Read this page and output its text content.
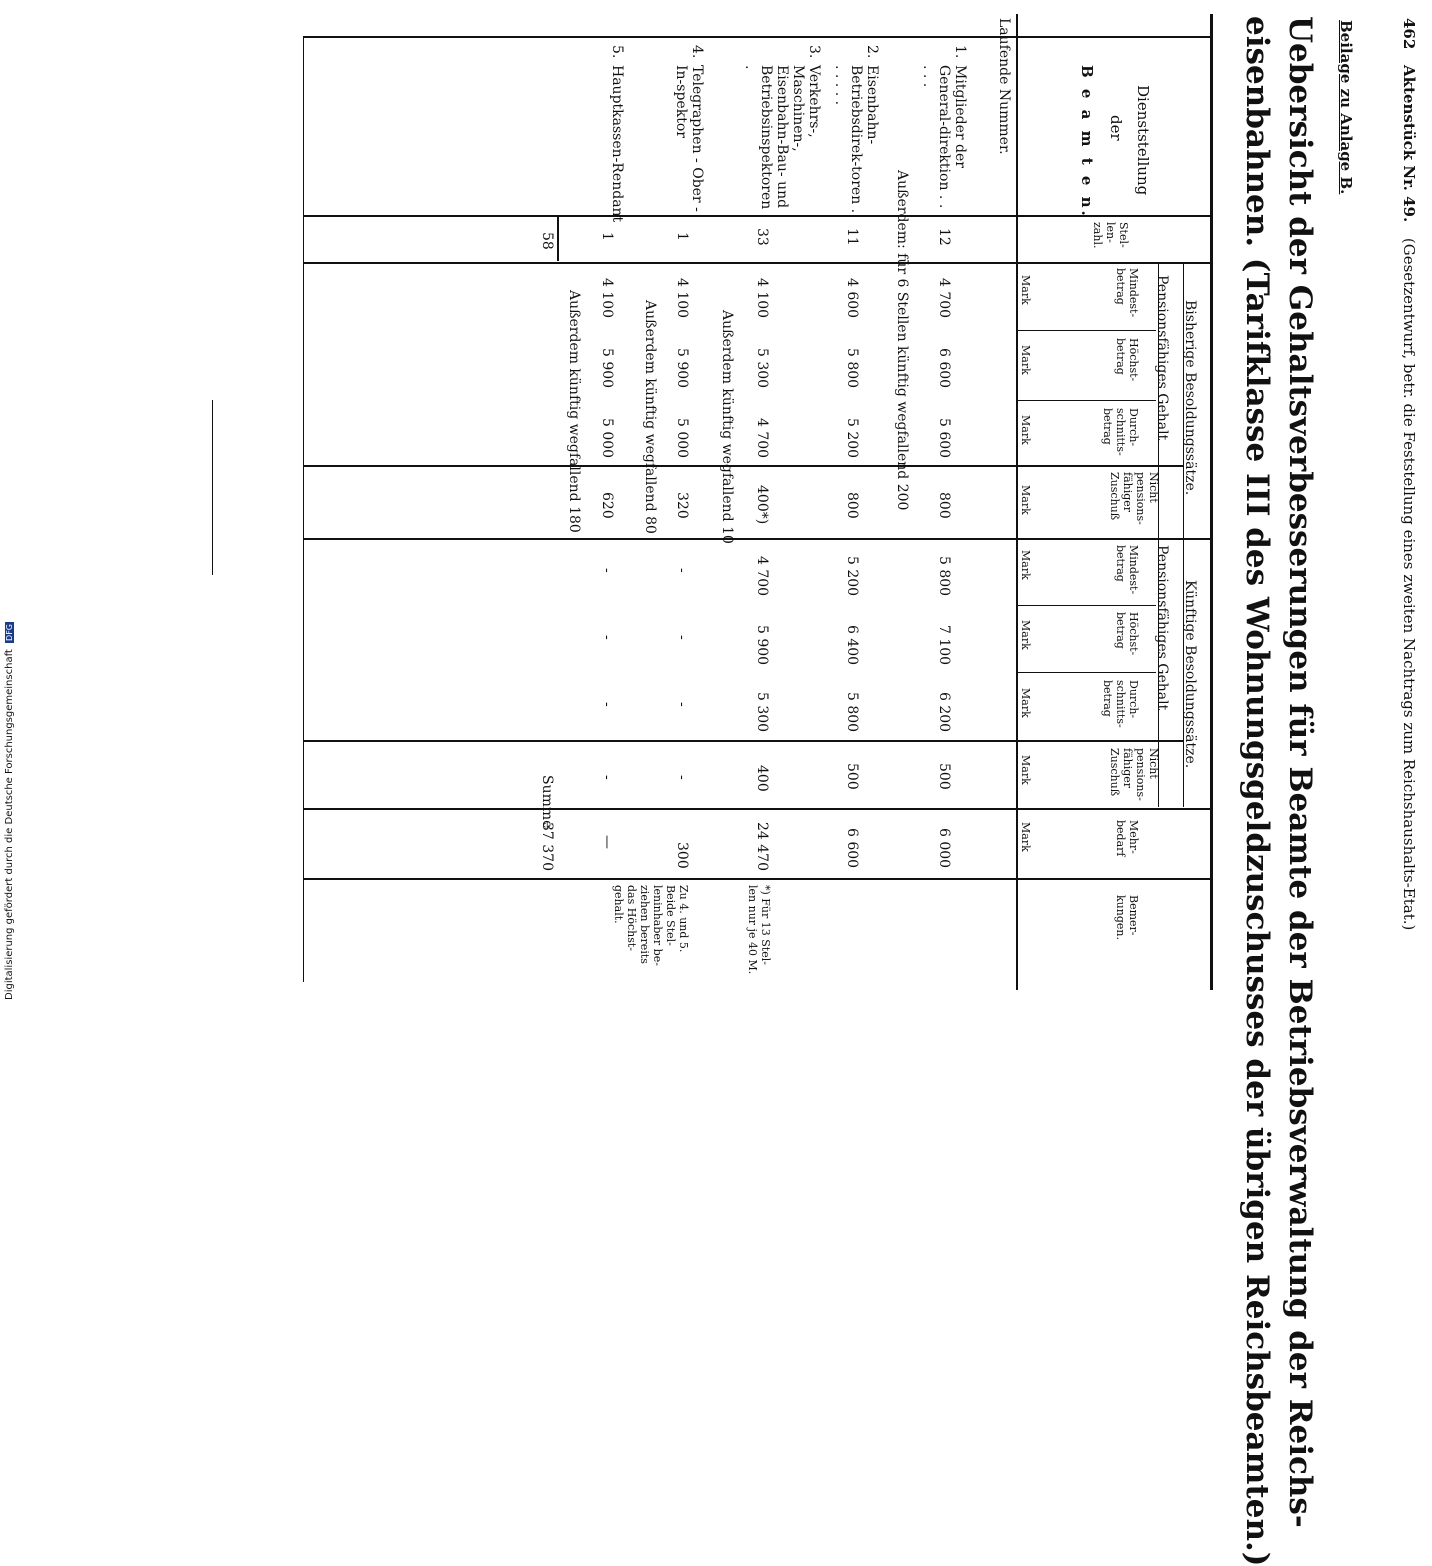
462   Aktenstück Nr. 49.   (Gesetzentwurf, betr. die Feststellung eines zweiten Nachtrags zum Reichshaushalts-Etat.)
Beilage zu Anlage B.
Uebersicht der Gehaltsverbesserungen für Beamte der Betriebsverwaltung der Reichs-
eisenbahnen. (Tarifklasse III des Wohnungsgeldzuschusses der übrigen Reichsbeamten.)
Laufende Nummer.	Dienststellung
der
B e a m t e n.
Stel-len-zahl.
Bisherige Besoldungssätze.
Künftige Besoldungssätze.
Pensionsfähiges Gehalt
Pensionsfähiges Gehalt
Mindest-betrag
Höchst-betrag
Durch-schnitts-betrag
Nicht pensions-fähiger Zuschuß
Mindest-betrag
Höchst-betrag
Durch-schnitts-betrag
Nicht pensions-fähiger Zuschuß
Mehr-bedarf
Bemer-kungen.
Mark
Mark
Mark
Mark
Mark
Mark
Mark
Mark
Mark
1.
Mitglieder der General-direktion . . . . .
12
4 700
6 600
5 600
800
5 800
7 100
6 200
500
6 000
Außerdem: für 6 Stellen künftig wegfallend 200
2.
Eisenbahn-Betriebsdirek-toren . . . . . .
11
4 600
5 800
5 200
800
5 200
6 400
5 800
500
6 600
3.
Verkehrs-, Maschinen-, Eisenbahn-Bau- und Betriebsinspektoren .
33
4 100
5 300
4 700
400*)
4 700
5 900
5 300
400
24 470
*) Für 13 Stel-len nur je 40 M.
Außerdem künftig wegfallend 10
4.
Telegraphen - Ober - In-spektor
1
4 100
5 900
5 000
320
-
-
-
-
300
Zu 4. und 5. Beide Stel-leninhaber be-ziehen bereits das Höchst-gehalt.
Außerdem künftig wegfallend 80
5.
Hauptkassen-Rendant
1
4 100
5 900
5 000
620
-
-
-
-
—
Außerdem künftig wegfallend 180
58
Summe
37 370
Digitalisierung gefördert durch die Deutsche Forschungsgemeinschaft DFG
